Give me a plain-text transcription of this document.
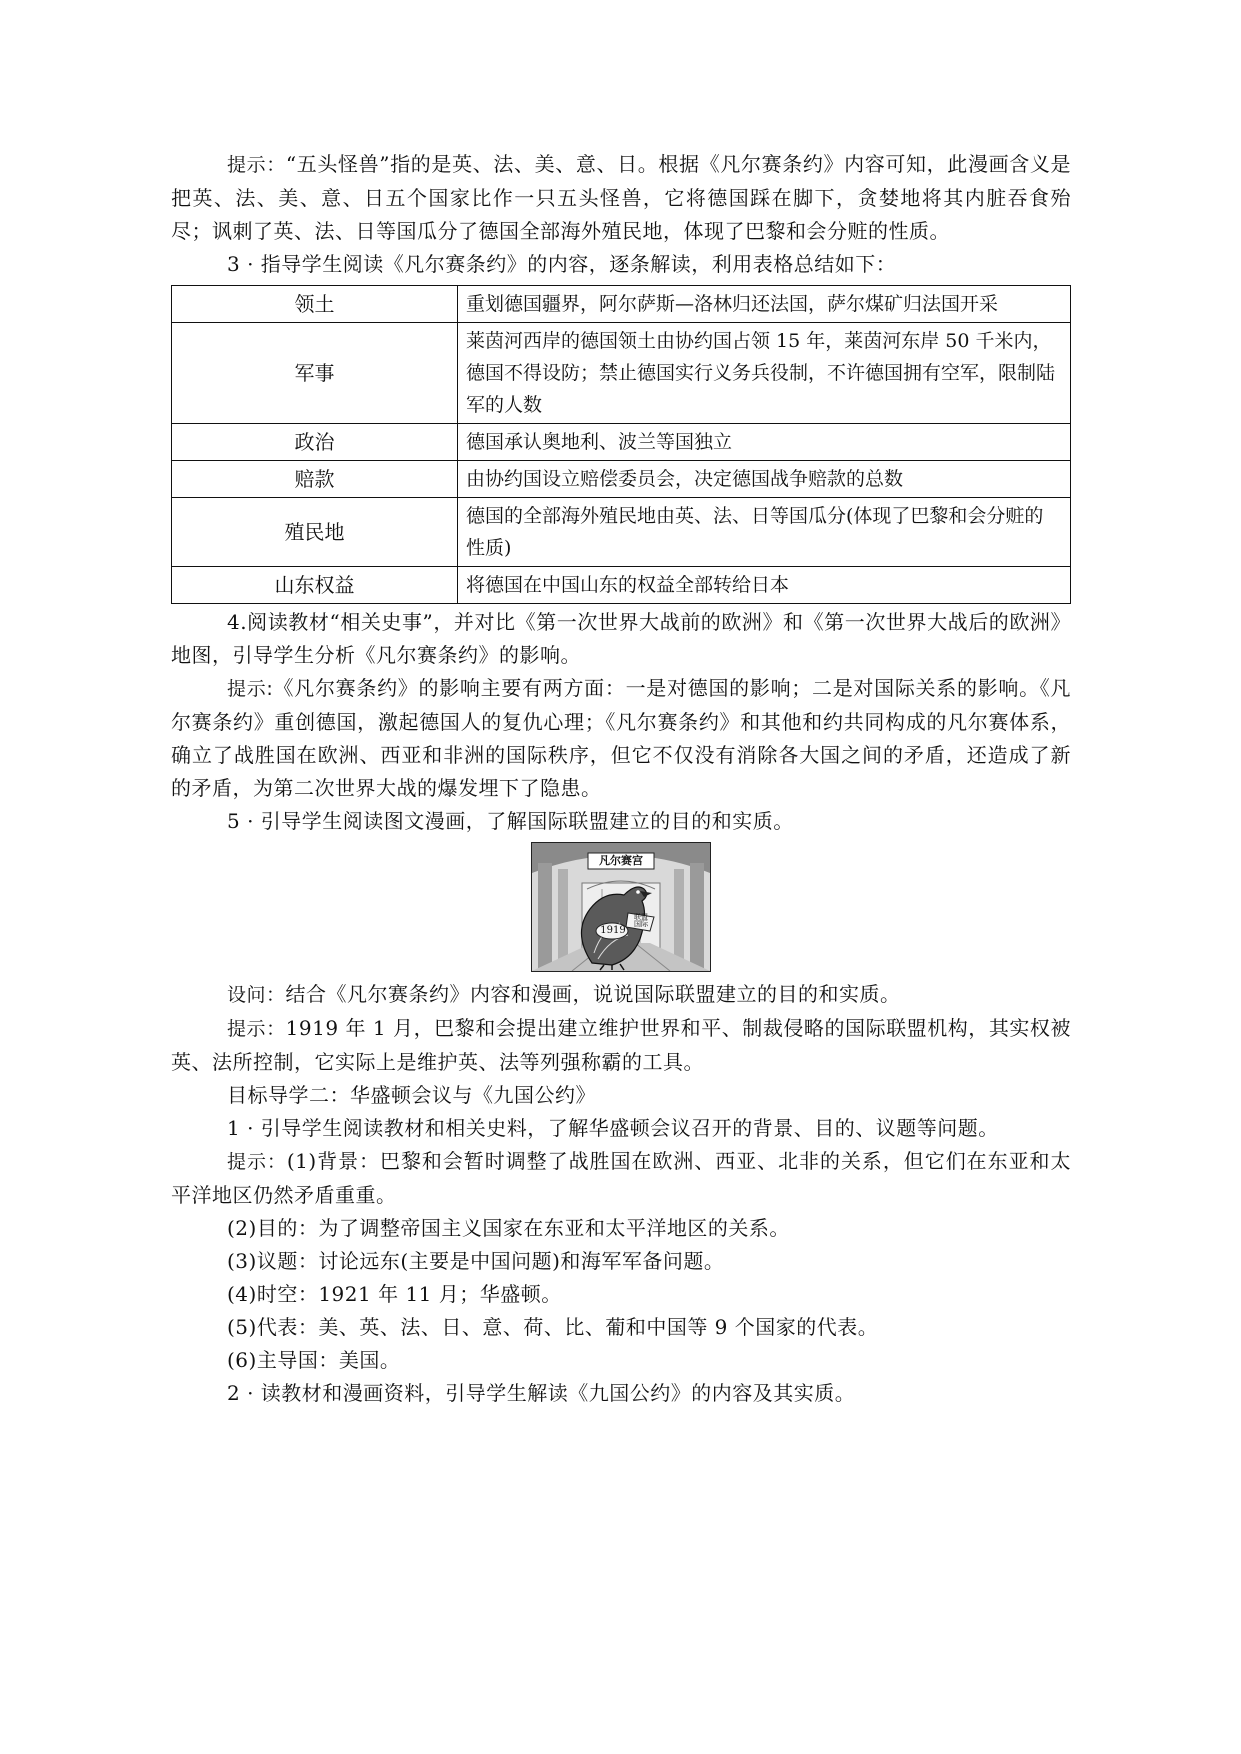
提示：“五头怪兽”指的是英、法、美、意、日。根据《凡尔赛条约》内容可知，此漫画含义是把英、法、美、意、日五个国家比作一只五头怪兽，它将德国踩在脚下，贪婪地将其内脏吞食殆尽；讽刺了英、法、日等国瓜分了德国全部海外殖民地，体现了巴黎和会分赃的性质。

3 · 指导学生阅读《凡尔赛条约》的内容，逐条解读，利用表格总结如下：

领土	重划德国疆界，阿尔萨斯—洛林归还法国，萨尔煤矿归法国开采
军事	莱茵河西岸的德国领土由协约国占领 15 年，莱茵河东岸 50 千米内，德国不得设防；禁止德国实行义务兵役制，不许德国拥有空军，限制陆军的人数
政治	德国承认奥地利、波兰等国独立
赔款	由协约国设立赔偿委员会，决定德国战争赔款的总数
殖民地	德国的全部海外殖民地由英、法、日等国瓜分(体现了巴黎和会分赃的性质)
山东权益	将德国在中国山东的权益全部转给日本

4.阅读教材“相关史事”，并对比《第一次世界大战前的欧洲》和《第一次世界大战后的欧洲》地图，引导学生分析《凡尔赛条约》的影响。

提示:《凡尔赛条约》的影响主要有两方面：一是对德国的影响；二是对国际关系的影响。《凡尔赛条约》重创德国，激起德国人的复仇心理；《凡尔赛条约》和其他和约共同构成的凡尔赛体系，确立了战胜国在欧洲、西亚和非洲的国际秩序，但它不仅没有消除各大国之间的矛盾，还造成了新的矛盾，为第二次世界大战的爆发埋下了隐患。

5 · 引导学生阅读图文漫画，了解国际联盟建立的目的和实质。

凡尔赛宫
联盟
国际
1919

设问：结合《凡尔赛条约》内容和漫画，说说国际联盟建立的目的和实质。

提示：1919 年 1 月，巴黎和会提出建立维护世界和平、制裁侵略的国际联盟机构，其实权被英、法所控制，它实际上是维护英、法等列强称霸的工具。

目标导学二：华盛顿会议与《九国公约》

1 · 引导学生阅读教材和相关史料，了解华盛顿会议召开的背景、目的、议题等问题。

提示：(1)背景：巴黎和会暂时调整了战胜国在欧洲、西亚、北非的关系，但它们在东亚和太平洋地区仍然矛盾重重。

(2)目的：为了调整帝国主义国家在东亚和太平洋地区的关系。

(3)议题：讨论远东(主要是中国问题)和海军军备问题。

(4)时空：1921 年 11 月；华盛顿。

(5)代表：美、英、法、日、意、荷、比、葡和中国等 9 个国家的代表。

(6)主导国：美国。

2 · 读教材和漫画资料，引导学生解读《九国公约》的内容及其实质。
